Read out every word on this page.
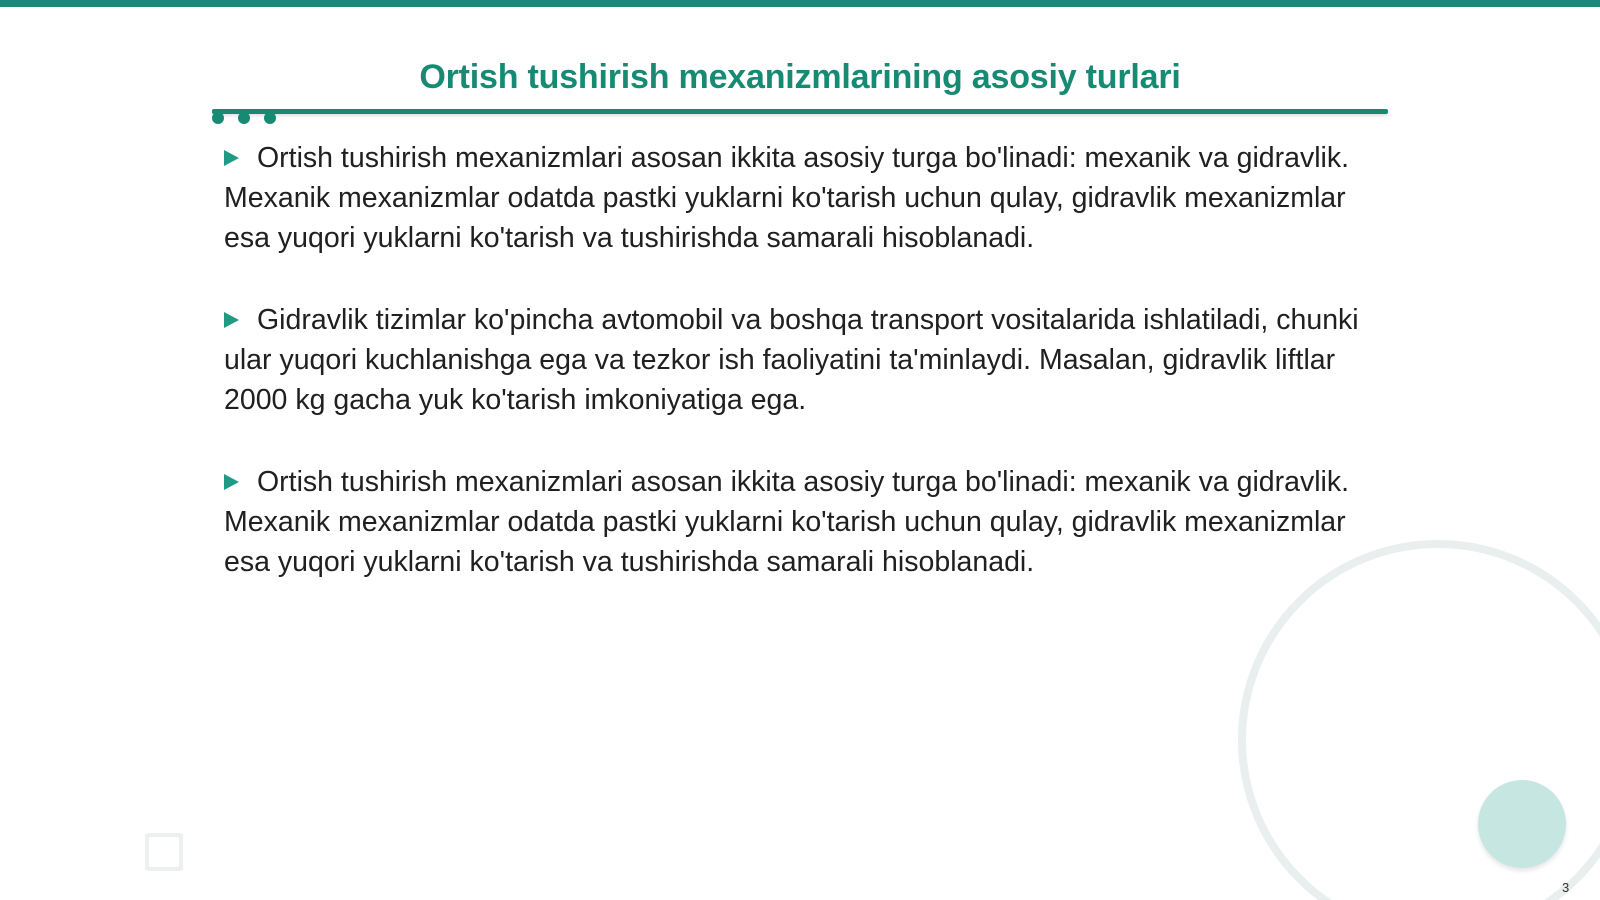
Ortish tushirish mexanizmlarining asosiy turlari

Ortish tushirish mexanizmlari asosan ikkita asosiy turga bo'linadi: mexanik va gidravlik. Mexanik mexanizmlar odatda pastki yuklarni ko'tarish uchun qulay, gidravlik mexanizmlar esa yuqori yuklarni ko'tarish va tushirishda samarali hisoblanadi.

Gidravlik tizimlar ko'pincha avtomobil va boshqa transport vositalarida ishlatiladi, chunki ular yuqori kuchlanishga ega va tezkor ish faoliyatini ta'minlaydi. Masalan, gidravlik liftlar 2000 kg gacha yuk ko'tarish imkoniyatiga ega.

Ortish tushirish mexanizmlari asosan ikkita asosiy turga bo'linadi: mexanik va gidravlik. Mexanik mexanizmlar odatda pastki yuklarni ko'tarish uchun qulay, gidravlik mexanizmlar esa yuqori yuklarni ko'tarish va tushirishda samarali hisoblanadi.

3
